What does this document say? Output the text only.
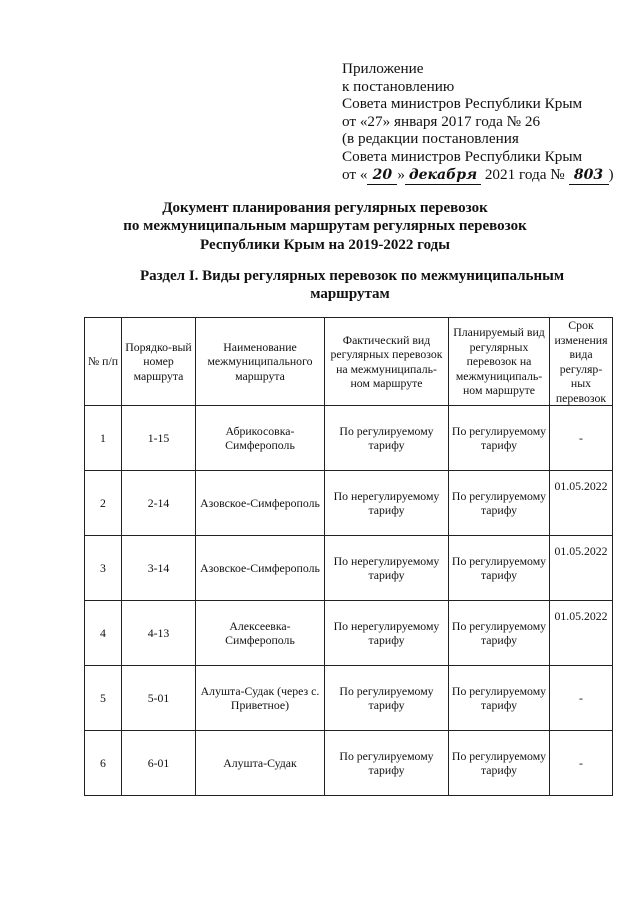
Приложение
к постановлению
Совета министров Республики Крым
от «27» января 2017 года № 26
(в редакции постановления
Совета министров Республики Крым
от « 20 » декабря 2021 года № 803 )
Документ планирования регулярных перевозок
по межмуниципальным маршрутам регулярных перевозок
Республики Крым на 2019-2022 годы
Раздел I. Виды регулярных перевозок по межмуниципальным
маршрутам
№ п/п	Порядко-вый номер маршрута	Наименование межмуниципального маршрута	Фактический вид регулярных перевозок на межмуниципаль-ном маршруте	Планируемый вид регулярных перевозок на межмуниципаль-ном маршруте	Срок изменения вида регуляр-ных перевозок
1	1-15	Абрикосовка-Симферополь	По регулируемому тарифу	По регулируемому тарифу	-
2	2-14	Азовское-Симферополь	По нерегулируемому тарифу	По регулируемому тарифу	01.05.2022
3	3-14	Азовское-Симферополь	По нерегулируемому тарифу	По регулируемому тарифу	01.05.2022
4	4-13	Алексеевка-Симферополь	По нерегулируемому тарифу	По регулируемому тарифу	01.05.2022
5	5-01	Алушта-Судак (через с. Приветное)	По регулируемому тарифу	По регулируемому тарифу	-
6	6-01	Алушта-Судак	По регулируемому тарифу	По регулируемому тарифу	-
